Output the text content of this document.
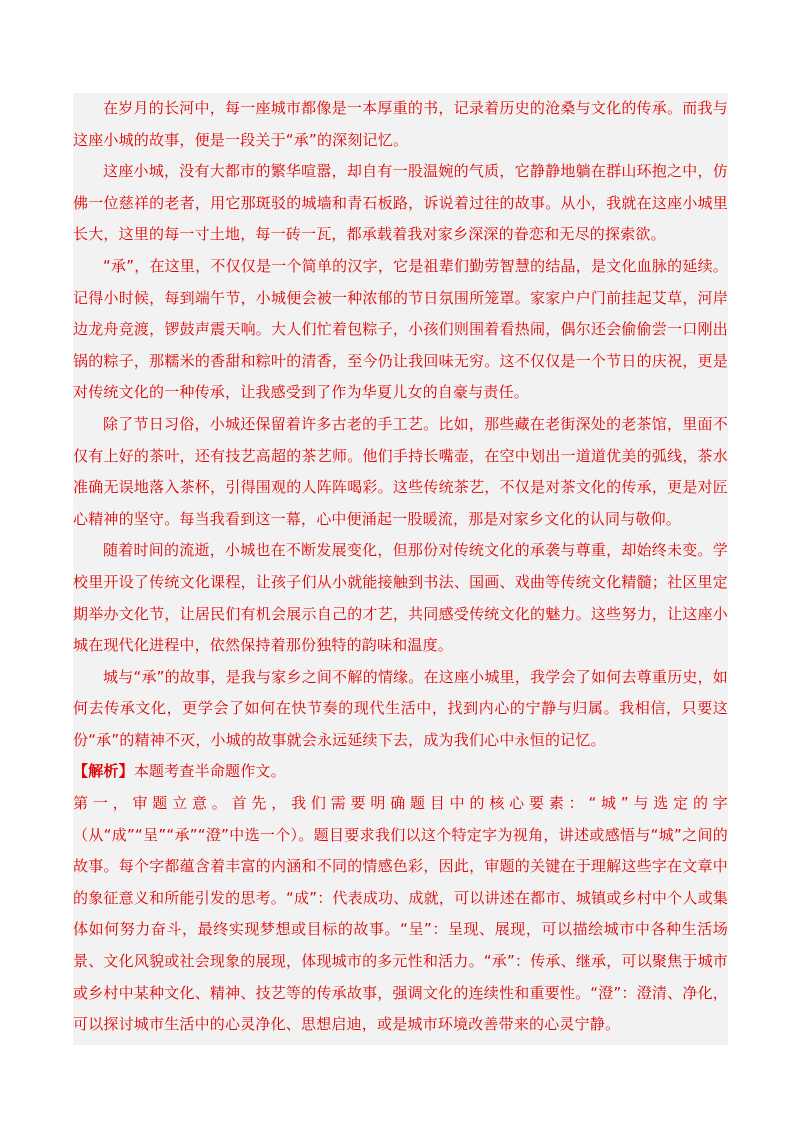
在岁月的长河中，每一座城市都像是一本厚重的书，记录着历史的沧桑与文化的传承。而我与这座小城的故事，便是一段关于“承”的深刻记忆。

这座小城，没有大都市的繁华喧嚣，却自有一股温婉的气质，它静静地躺在群山环抱之中，仿佛一位慈祥的老者，用它那斑驳的城墙和青石板路，诉说着过往的故事。从小，我就在这座小城里长大，这里的每一寸土地，每一砖一瓦，都承载着我对家乡深深的眷恋和无尽的探索欲。

“承”，在这里，不仅仅是一个简单的汉字，它是祖辈们勤劳智慧的结晶，是文化血脉的延续。记得小时候，每到端午节，小城便会被一种浓郁的节日氛围所笼罩。家家户户门前挂起艾草，河岸边龙舟竞渡，锣鼓声震天响。大人们忙着包粽子，小孩们则围着看热闹，偶尔还会偷偷尝一口刚出锅的粽子，那糯米的香甜和粽叶的清香，至今仍让我回味无穷。这不仅仅是一个节日的庆祝，更是对传统文化的一种传承，让我感受到了作为华夏儿女的自豪与责任。

除了节日习俗，小城还保留着许多古老的手工艺。比如，那些藏在老街深处的老茶馆，里面不仅有上好的茶叶，还有技艺高超的茶艺师。他们手持长嘴壶，在空中划出一道道优美的弧线，茶水准确无误地落入茶杯，引得围观的人阵阵喝彩。这些传统茶艺，不仅是对茶文化的传承，更是对匠心精神的坚守。每当我看到这一幕，心中便涌起一股暖流，那是对家乡文化的认同与敬仰。

随着时间的流逝，小城也在不断发展变化，但那份对传统文化的承袭与尊重，却始终未变。学校里开设了传统文化课程，让孩子们从小就能接触到书法、国画、戏曲等传统文化精髓；社区里定期举办文化节，让居民们有机会展示自己的才艺，共同感受传统文化的魅力。这些努力，让这座小城在现代化进程中，依然保持着那份独特的韵味和温度。

城与“承”的故事，是我与家乡之间不解的情缘。在这座小城里，我学会了如何去尊重历史，如何去传承文化，更学会了如何在快节奏的现代生活中，找到内心的宁静与归属。我相信，只要这份“承”的精神不灭，小城的故事就会永远延续下去，成为我们心中永恒的记忆。

【解析】本题考查半命题作文。

第一，审题立意。首先，我们需要明确题目中的核心要素：“城”与选定的字（从“成”“呈”“承”“澄”中选一个）。题目要求我们以这个特定字为视角，讲述或感悟与“城”之间的故事。每个字都蕴含着丰富的内涵和不同的情感色彩，因此，审题的关键在于理解这些字在文章中的象征意义和所能引发的思考。“成”：代表成功、成就，可以讲述在都市、城镇或乡村中个人或集体如何努力奋斗，最终实现梦想或目标的故事。“呈”：呈现、展现，可以描绘城市中各种生活场景、文化风貌或社会现象的展现，体现城市的多元性和活力。“承”：传承、继承，可以聚焦于城市或乡村中某种文化、精神、技艺等的传承故事，强调文化的连续性和重要性。“澄”：澄清、净化，可以探讨城市生活中的心灵净化、思想启迪，或是城市环境改善带来的心灵宁静。
